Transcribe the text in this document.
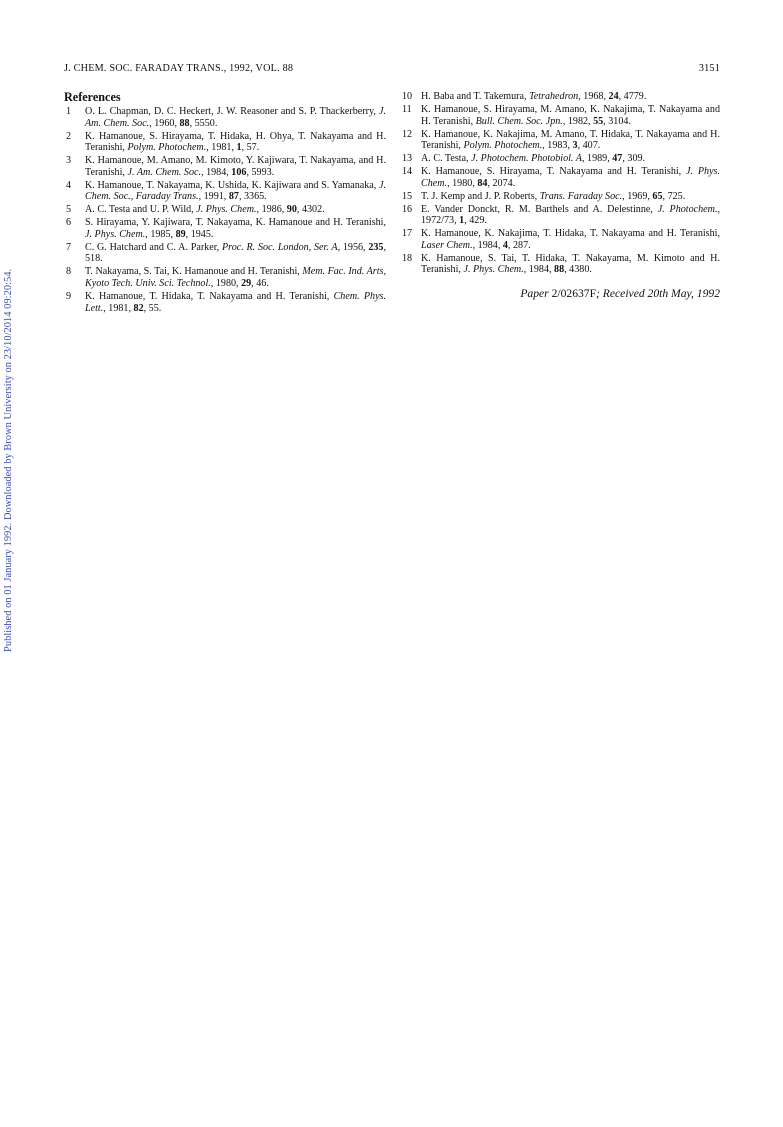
Published on 01 January 1992. Downloaded by Brown University on 23/10/2014 09:20:54.
J. CHEM. SOC. FARADAY TRANS., 1992, VOL. 88	3151
References
1	O. L. Chapman, D. C. Heckert, J. W. Reasoner and S. P. Thackerberry, J. Am. Chem. Soc., 1960, 88, 5550.
2	K. Hamanoue, S. Hirayama, T. Hidaka, H. Ohya, T. Nakayama and H. Teranishi, Polym. Photochem., 1981, 1, 57.
3	K. Hamanoue, M. Amano, M. Kimoto, Y. Kajiwara, T. Nakayama, and H. Teranishi, J. Am. Chem. Soc., 1984, 106, 5993.
4	K. Hamanoue, T. Nakayama, K. Ushida, K. Kajiwara and S. Yamanaka, J. Chem. Soc., Faraday Trans., 1991, 87, 3365.
5	A. C. Testa and U. P. Wild, J. Phys. Chem., 1986, 90, 4302.
6	S. Hirayama, Y. Kajiwara, T. Nakayama, K. Hamanoue and H. Teranishi, J. Phys. Chem., 1985, 89, 1945.
7	C. G. Hatchard and C. A. Parker, Proc. R. Soc. London, Ser. A, 1956, 235, 518.
8	T. Nakayama, S. Tai, K. Hamanoue and H. Teranishi, Mem. Fac. Ind. Arts, Kyoto Tech. Univ. Sci. Technol., 1980, 29, 46.
9	K. Hamanoue, T. Hidaka, T. Nakayama and H. Teranishi, Chem. Phys. Lett., 1981, 82, 55.
10 H. Baba and T. Takemura, Tetrahedron, 1968, 24, 4779.
11 K. Hamanoue, S. Hirayama, M. Amano, K. Nakajima, T. Nakayama and H. Teranishi, Bull. Chem. Soc. Jpn., 1982, 55, 3104.
12 K. Hamanoue, K. Nakajima, M. Amano, T. Hidaka, T. Nakayama and H. Teranishi, Polym. Photochem., 1983, 3, 407.
13 A. C. Testa, J. Photochem. Photobiol. A, 1989, 47, 309.
14 K. Hamanoue, S. Hirayama, T. Nakayama and H. Teranishi, J. Phys. Chem., 1980, 84, 2074.
15 T. J. Kemp and J. P. Roberts, Trans. Faraday Soc., 1969, 65, 725.
16 E. Vander Donckt, R. M. Barthels and A. Delestinne, J. Photochem., 1972/73, 1, 429.
17 K. Hamanoue, K. Nakajima, T. Hidaka, T. Nakayama and H. Teranishi, Laser Chem., 1984, 4, 287.
18 K. Hamanoue, S. Tai, T. Hidaka, T. Nakayama, M. Kimoto and H. Teranishi, J. Phys. Chem., 1984, 88, 4380.
Paper 2/02637F; Received 20th May, 1992
